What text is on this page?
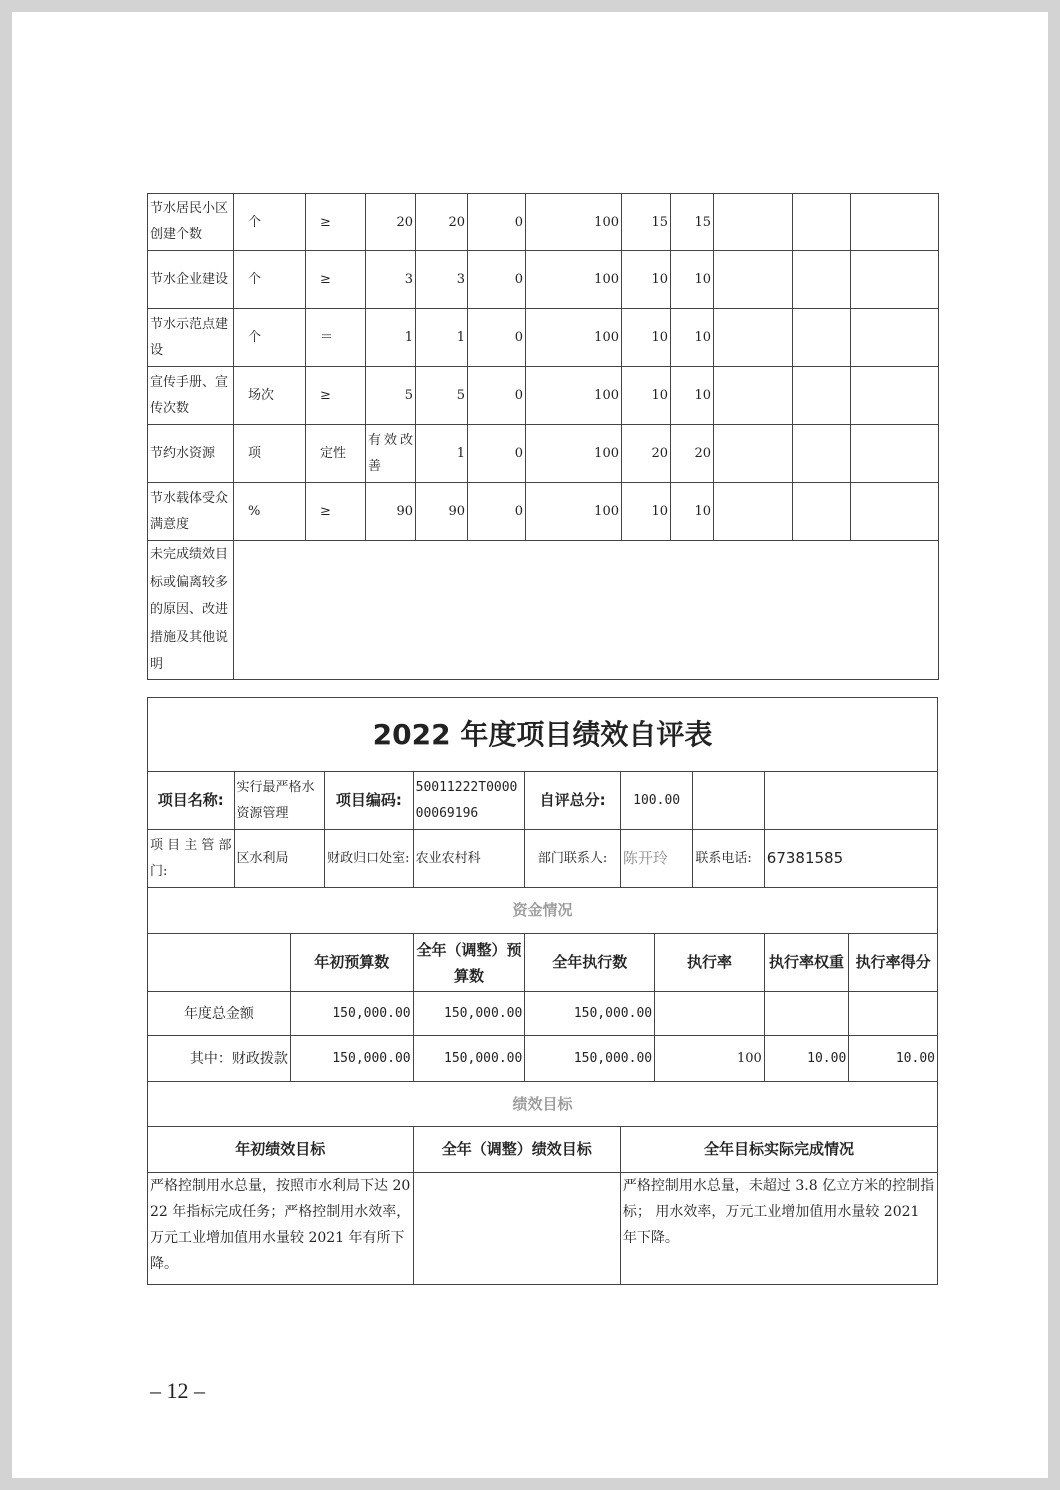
节水居民小区创建个数	个	≥	20	20	0	100	15	15			
节水企业建设	个	≥	3	3	0	100	10	10			
节水示范点建设	个	＝	1	1	0	100	10	10			
宣传手册、宣传次数	场次	≥	5	5	0	100	10	10			
节约水资源	项	定性	有效改善	1	0	100	20	20			
节水载体受众满意度	%	≥	90	90	0	100	10	10			
未完成绩效目标或偏离较多的原因、改进措施及其他说明											
2022 年度项目绩效自评表										
项目名称:	实行最严格水资源管理		项目编码:	50011222T000000069196	自评总分:	100.00				
项 目 主 管 部门:	区水利局		财政归口处室:	农业农村科	部门联系人:	陈开玲		联系电话:	67381585	
资金情况										
		年初预算数		全年（调整）预算数	全年执行数		执行率		执行率权重	执行率得分
年度总金额		150,000.00		150,000.00	150,000.00					
其中：财政拨款		150,000.00		150,000.00	150,000.00		100		10.00	10.00
绩效目标										
年初绩效目标				全年（调整）绩效目标		全年目标实际完成情况				
严格控制用水总量，按照市水利局下达 2022 年指标完成任务；严格控制用水效率，万元工业增加值用水量较 2021 年有所下降。						严格控制用水总量，未超过 3.8 亿立方米的控制指标； 用水效率，万元工业增加值用水量较 2021 年下降。				
– 12 –
